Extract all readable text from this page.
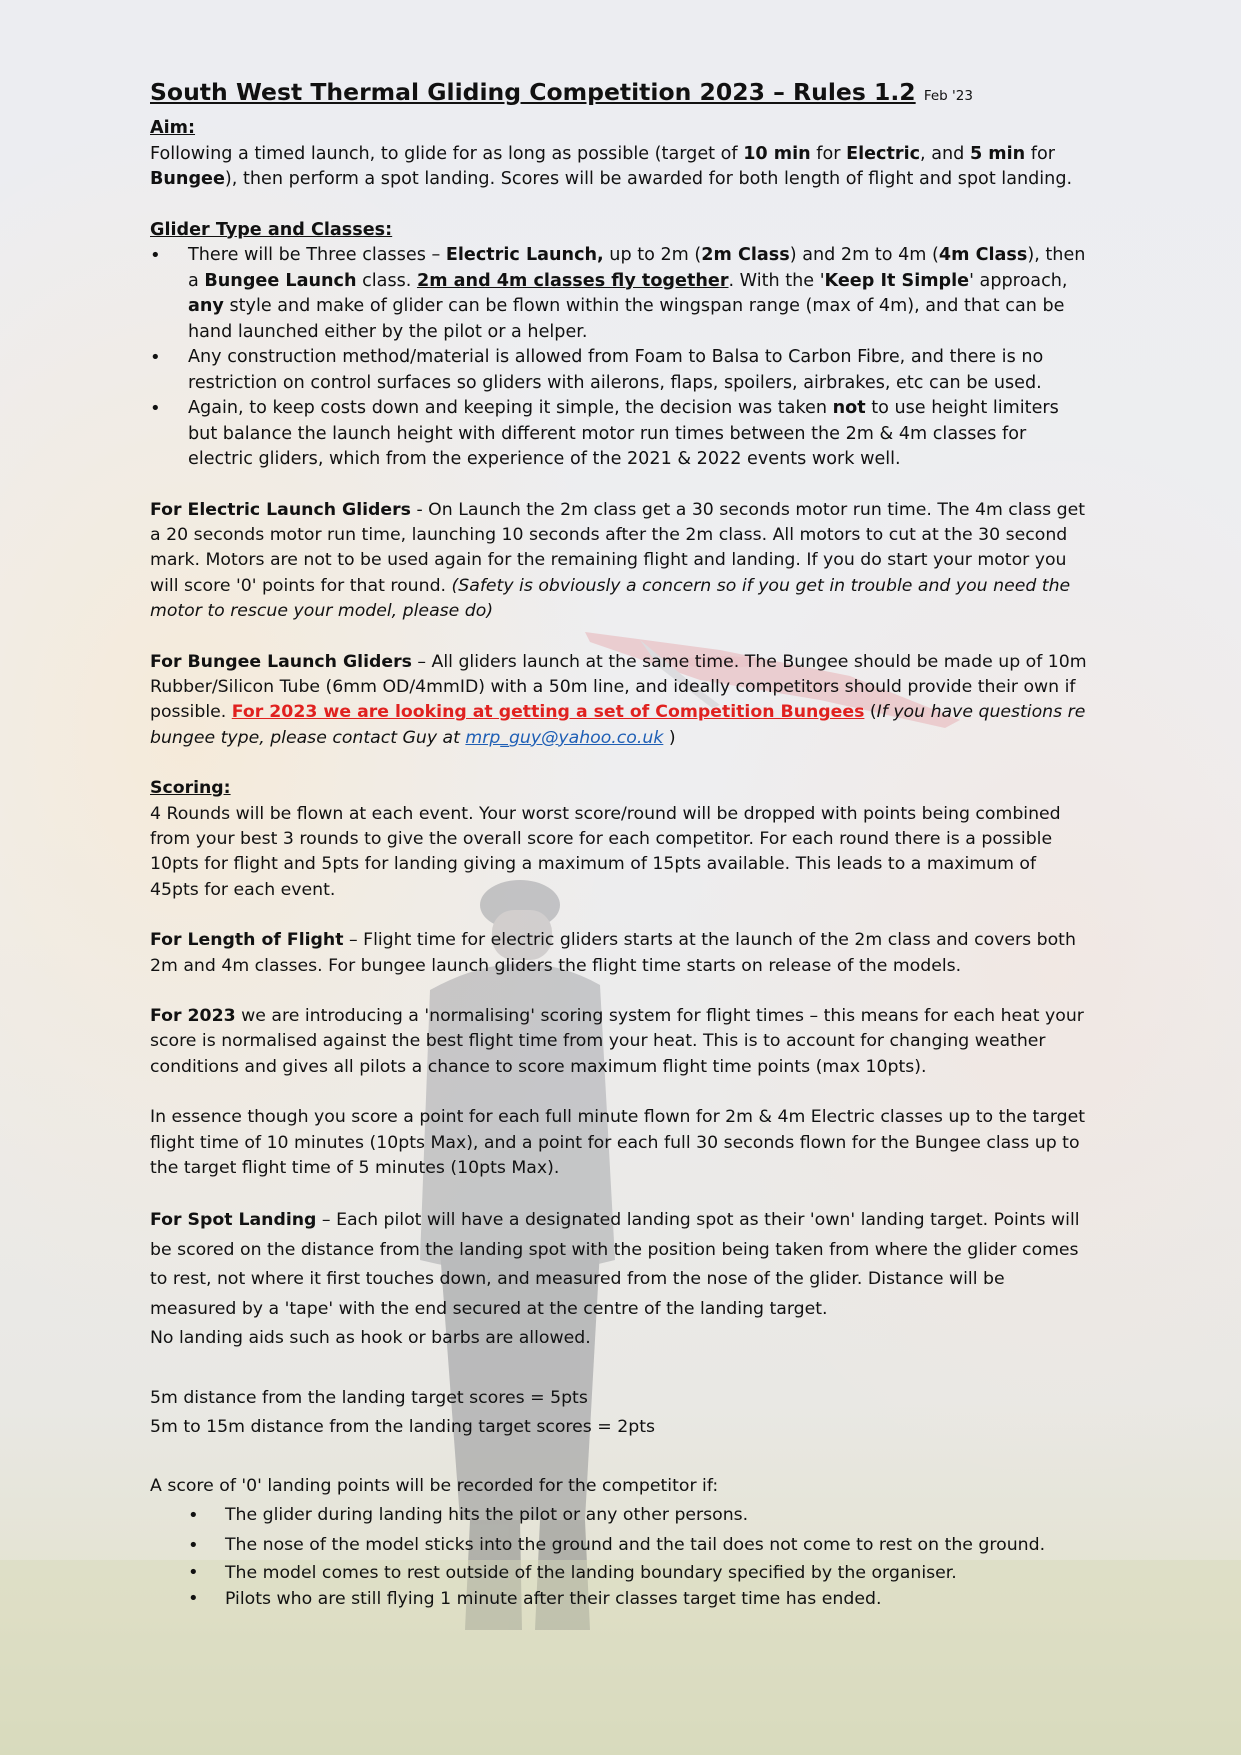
South West Thermal Gliding Competition 2023 – Rules 1.2 Feb '23

Aim:

Following a timed launch, to glide for as long as possible (target of 10 min for Electric, and 5 min for Bungee), then perform a spot landing. Scores will be awarded for both length of flight and spot landing.

Glider Type and Classes:

• There will be Three classes – Electric Launch, up to 2m (2m Class) and 2m to 4m (4m Class), then a Bungee Launch class. 2m and 4m classes fly together. With the 'Keep It Simple' approach, any style and make of glider can be flown within the wingspan range (max of 4m), and that can be hand launched either by the pilot or a helper.
• Any construction method/material is allowed from Foam to Balsa to Carbon Fibre, and there is no restriction on control surfaces so gliders with ailerons, flaps, spoilers, airbrakes, etc can be used.
• Again, to keep costs down and keeping it simple, the decision was taken not to use height limiters but balance the launch height with different motor run times between the 2m & 4m classes for electric gliders, which from the experience of the 2021 & 2022 events work well.

For Electric Launch Gliders - On Launch the 2m class get a 30 seconds motor run time. The 4m class get a 20 seconds motor run time, launching 10 seconds after the 2m class. All motors to cut at the 30 second mark. Motors are not to be used again for the remaining flight and landing. If you do start your motor you will score '0' points for that round. (Safety is obviously a concern so if you get in trouble and you need the motor to rescue your model, please do)

For Bungee Launch Gliders – All gliders launch at the same time. The Bungee should be made up of 10m Rubber/Silicon Tube (6mm OD/4mmID) with a 50m line, and ideally competitors should provide their own if possible. For 2023 we are looking at getting a set of Competition Bungees (If you have questions re bungee type, please contact Guy at mrp_guy@yahoo.co.uk )

Scoring:

4 Rounds will be flown at each event. Your worst score/round will be dropped with points being combined from your best 3 rounds to give the overall score for each competitor. For each round there is a possible 10pts for flight and 5pts for landing giving a maximum of 15pts available. This leads to a maximum of 45pts for each event.

For Length of Flight – Flight time for electric gliders starts at the launch of the 2m class and covers both 2m and 4m classes. For bungee launch gliders the flight time starts on release of the models.

For 2023 we are introducing a 'normalising' scoring system for flight times – this means for each heat your score is normalised against the best flight time from your heat. This is to account for changing weather conditions and gives all pilots a chance to score maximum flight time points (max 10pts).

In essence though you score a point for each full minute flown for 2m & 4m Electric classes up to the target flight time of 10 minutes (10pts Max), and a point for each full 30 seconds flown for the Bungee class up to the target flight time of 5 minutes (10pts Max).

For Spot Landing – Each pilot will have a designated landing spot as their 'own' landing target. Points will be scored on the distance from the landing spot with the position being taken from where the glider comes to rest, not where it first touches down, and measured from the nose of the glider. Distance will be measured by a 'tape' with the end secured at the centre of the landing target.

No landing aids such as hook or barbs are allowed.

5m distance from the landing target scores = 5pts

5m to 15m distance from the landing target scores = 2pts

A score of '0' landing points will be recorded for the competitor if:

• The glider during landing hits the pilot or any other persons.
• The nose of the model sticks into the ground and the tail does not come to rest on the ground.
• The model comes to rest outside of the landing boundary specified by the organiser.
• Pilots who are still flying 1 minute after their classes target time has ended.
